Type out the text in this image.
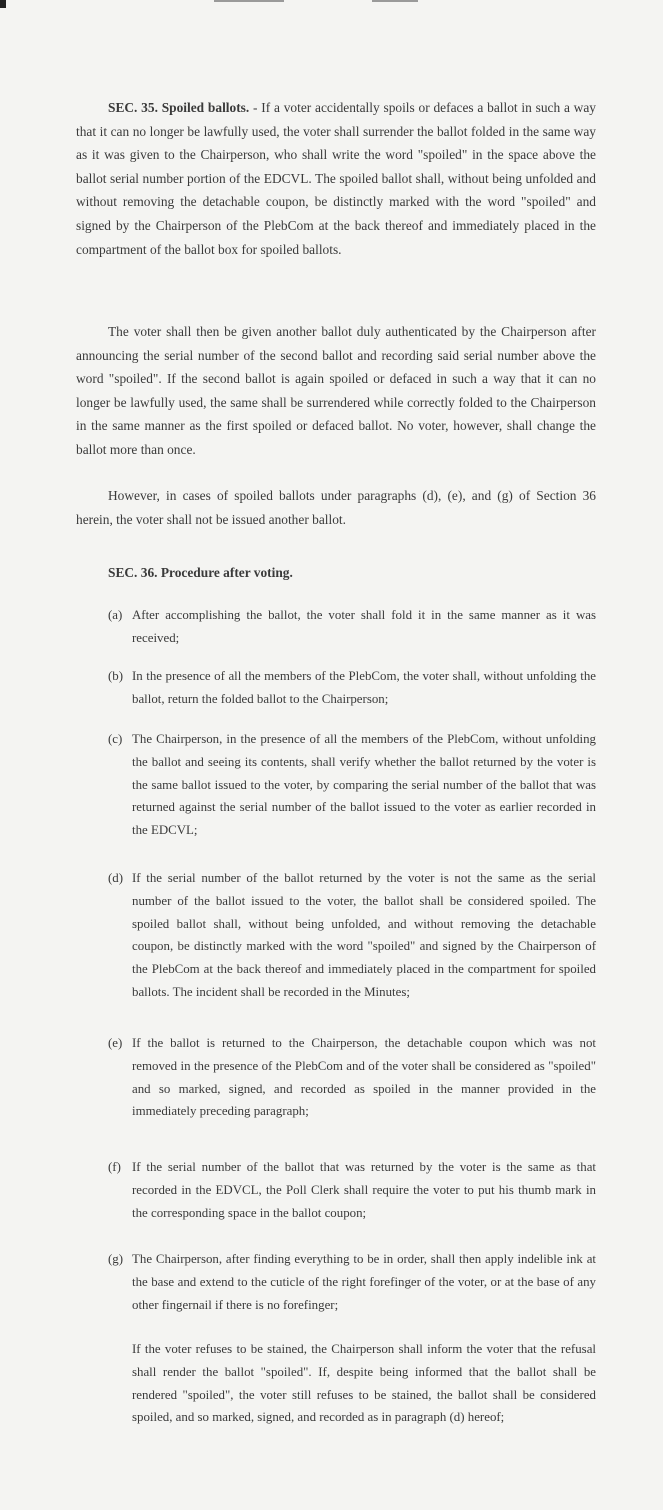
SEC. 35. Spoiled ballots. - If a voter accidentally spoils or defaces a ballot in such a way that it can no longer be lawfully used, the voter shall surrender the ballot folded in the same way as it was given to the Chairperson, who shall write the word "spoiled" in the space above the ballot serial number portion of the EDCVL. The spoiled ballot shall, without being unfolded and without removing the detachable coupon, be distinctly marked with the word "spoiled" and signed by the Chairperson of the PlebCom at the back thereof and immediately placed in the compartment of the ballot box for spoiled ballots.

The voter shall then be given another ballot duly authenticated by the Chairperson after announcing the serial number of the second ballot and recording said serial number above the word "spoiled". If the second ballot is again spoiled or defaced in such a way that it can no longer be lawfully used, the same shall be surrendered while correctly folded to the Chairperson in the same manner as the first spoiled or defaced ballot. No voter, however, shall change the ballot more than once.

However, in cases of spoiled ballots under paragraphs (d), (e), and (g) of Section 36 herein, the voter shall not be issued another ballot.

SEC. 36. Procedure after voting.

(a) After accomplishing the ballot, the voter shall fold it in the same manner as it was received;
(b) In the presence of all the members of the PlebCom, the voter shall, without unfolding the ballot, return the folded ballot to the Chairperson;
(c) The Chairperson, in the presence of all the members of the PlebCom, without unfolding the ballot and seeing its contents, shall verify whether the ballot returned by the voter is the same ballot issued to the voter, by comparing the serial number of the ballot that was returned against the serial number of the ballot issued to the voter as earlier recorded in the EDCVL;
(d) If the serial number of the ballot returned by the voter is not the same as the serial number of the ballot issued to the voter, the ballot shall be considered spoiled. The spoiled ballot shall, without being unfolded, and without removing the detachable coupon, be distinctly marked with the word "spoiled" and signed by the Chairperson of the PlebCom at the back thereof and immediately placed in the compartment for spoiled ballots. The incident shall be recorded in the Minutes;
(e) If the ballot is returned to the Chairperson, the detachable coupon which was not removed in the presence of the PlebCom and of the voter shall be considered as "spoiled" and so marked, signed, and recorded as spoiled in the manner provided in the immediately preceding paragraph;
(f) If the serial number of the ballot that was returned by the voter is the same as that recorded in the EDVCL, the Poll Clerk shall require the voter to put his thumb mark in the corresponding space in the ballot coupon;
(g) The Chairperson, after finding everything to be in order, shall then apply indelible ink at the base and extend to the cuticle of the right forefinger of the voter, or at the base of any other fingernail if there is no forefinger;

If the voter refuses to be stained, the Chairperson shall inform the voter that the refusal shall render the ballot "spoiled". If, despite being informed that the ballot shall be rendered "spoiled", the voter still refuses to be stained, the ballot shall be considered spoiled, and so marked, signed, and recorded as in paragraph (d) hereof;
